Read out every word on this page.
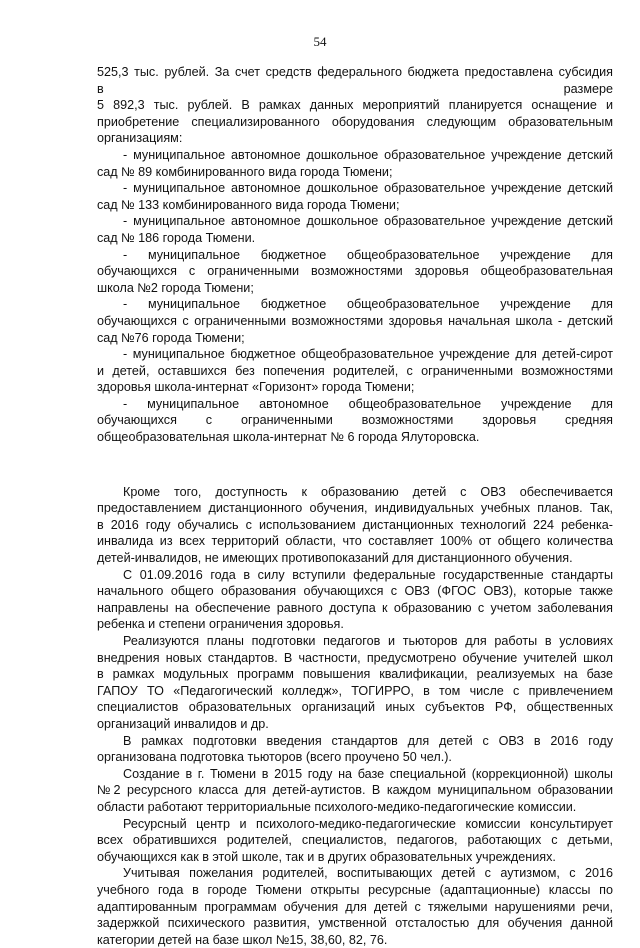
54
525,3 тыс. рублей. За счет средств федерального бюджета предоставлена субсидия
в размере
5 892,3 тыс. рублей. В рамках данных мероприятий планируется оснащение и
приобретение специализированного оборудования следующим образовательным
организациям:
- муниципальное автономное дошкольное образовательное учреждение детский
сад № 89 комбинированного вида города Тюмени;
- муниципальное автономное дошкольное образовательное учреждение детский
сад № 133 комбинированного вида города Тюмени;
- муниципальное автономное дошкольное образовательное учреждение детский
сад № 186 города Тюмени.
- муниципальное бюджетное общеобразовательное учреждение для
обучающихся с ограниченными возможностями здоровья общеобразовательная
школа №2 города Тюмени;
- муниципальное бюджетное общеобразовательное учреждение для
обучающихся с ограниченными возможностями здоровья начальная школа - детский
сад №76 города Тюмени;
- муниципальное бюджетное общеобразовательное учреждение для детей-сирот
и детей, оставшихся без попечения родителей, с ограниченными возможностями
здоровья школа-интернат «Горизонт» города Тюмени;
- муниципальное автономное общеобразовательное учреждение для
обучающихся с ограниченными возможностями здоровья средняя
общеобразовательная школа-интернат № 6 города Ялуторовска.
Кроме того, доступность к образованию детей с ОВЗ обеспечивается
предоставлением дистанционного обучения, индивидуальных учебных планов. Так,
в 2016 году обучались с использованием дистанционных технологий 224 ребенка-
инвалида из всех территорий области, что составляет 100% от общего количества
детей-инвалидов, не имеющих противопоказаний для дистанционного обучения.
С 01.09.2016 года в силу вступили федеральные государственные стандарты
начального общего образования обучающихся с ОВЗ (ФГОС ОВЗ), которые также
направлены на обеспечение равного доступа к образованию с учетом заболевания
ребенка и степени ограничения здоровья.
Реализуются планы подготовки педагогов и тьюторов для работы в условиях
внедрения новых стандартов. В частности, предусмотрено обучение учителей школ
в рамках модульных программ повышения квалификации, реализуемых на базе
ГАПОУ ТО «Педагогический колледж», ТОГИРРО, в том числе с привлечением
специалистов образовательных организаций иных субъектов РФ, общественных
организаций инвалидов и др.
В рамках подготовки введения стандартов для детей с ОВЗ в 2016 году
организована подготовка тьюторов (всего проучено 50 чел.).
Создание в г. Тюмени в 2015 году на базе специальной (коррекционной) школы
№2 ресурсного класса для детей-аутистов. В каждом муниципальном образовании
области работают территориальные психолого-медико-педагогические комиссии.
Ресурсный центр и психолого-медико-педагогические комиссии консультирует
всех обратившихся родителей, специалистов, педагогов, работающих с детьми,
обучающихся как в этой школе, так и в других образовательных учреждениях.
Учитывая пожелания родителей, воспитывающих детей с аутизмом, с 2016
учебного года в городе Тюмени открыты ресурсные (адаптационные) классы по
адаптированным программам обучения для детей с тяжелыми нарушениями речи,
задержкой психического развития, умственной отсталостью для обучения данной
категории детей на базе школ №15, 38,60, 82, 76.
